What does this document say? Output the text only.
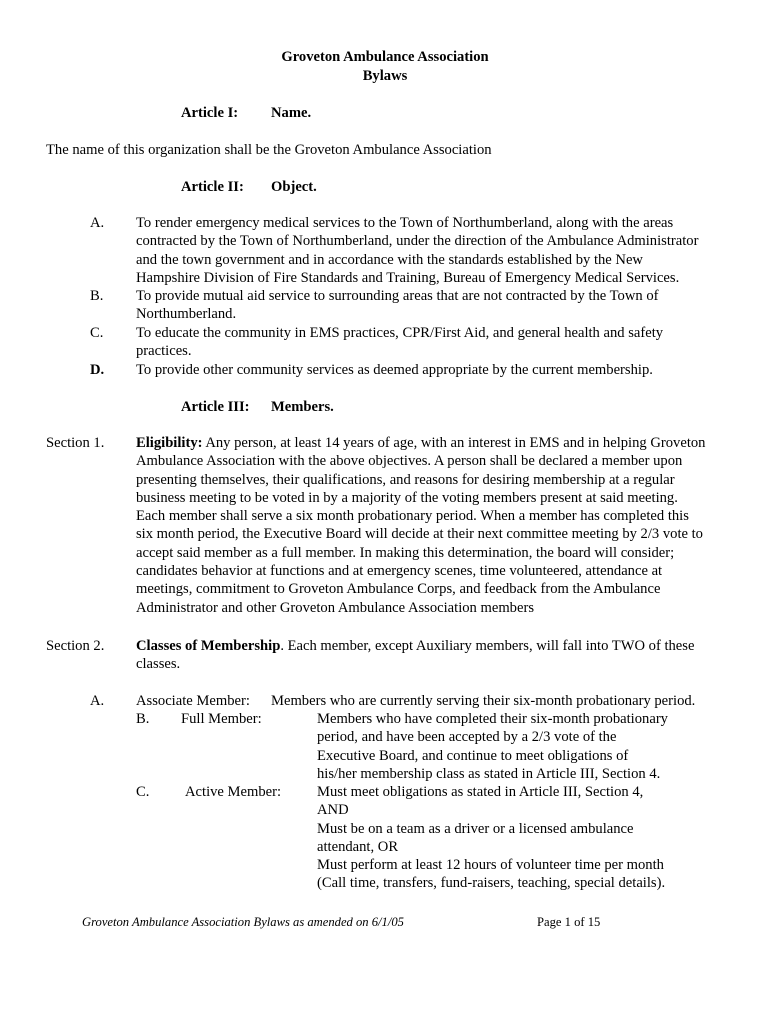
Groveton Ambulance Association
Bylaws
Article I: Name.
The name of this organization shall be the Groveton Ambulance Association
Article II: Object.
A. To render emergency medical services to the Town of Northumberland, along with the areas
contracted by the Town of Northumberland, under the direction of the Ambulance Administrator
and the town government and in accordance with the standards established by the New
Hampshire Division of Fire Standards and Training, Bureau of Emergency Medical Services.
B. To provide mutual aid service to surrounding areas that are not contracted by the Town of
Northumberland.
C. To educate the community in EMS practices, CPR/First Aid, and general health and safety
practices.
D. To provide other community services as deemed appropriate by the current membership.
Article III: Members.
Section 1. Eligibility: Any person, at least 14 years of age, with an interest in EMS and in helping Groveton
Ambulance Association with the above objectives. A person shall be declared a member upon
presenting themselves, their qualifications, and reasons for desiring membership at a regular
business meeting to be voted in by a majority of the voting members present at said meeting.
Each member shall serve a six month probationary period. When a member has completed this
six month period, the Executive Board will decide at their next committee meeting by 2/3 vote to
accept said member as a full member. In making this determination, the board will consider;
candidates behavior at functions and at emergency scenes, time volunteered, attendance at
meetings, commitment to Groveton Ambulance Corps, and feedback from the Ambulance
Administrator and other Groveton Ambulance Association members
Section 2. Classes of Membership. Each member, except Auxiliary members, will fall into TWO of these
classes.
A. Associate Member: Members who are currently serving their six-month probationary period.
B. Full Member:	Members who have completed their six-month probationary
period, and have been accepted by a 2/3 vote of the
Executive Board, and continue to meet obligations of
his/her membership class as stated in Article III, Section 4.
C. Active Member: Must meet obligations as stated in Article III, Section 4,
AND
Must be on a team as a driver or a licensed ambulance
attendant, OR
Must perform at least 12 hours of volunteer time per month
(Call time, transfers, fund-raisers, teaching, special details).
Groveton Ambulance Association Bylaws as amended on 6/1/05	Page 1 of 15
